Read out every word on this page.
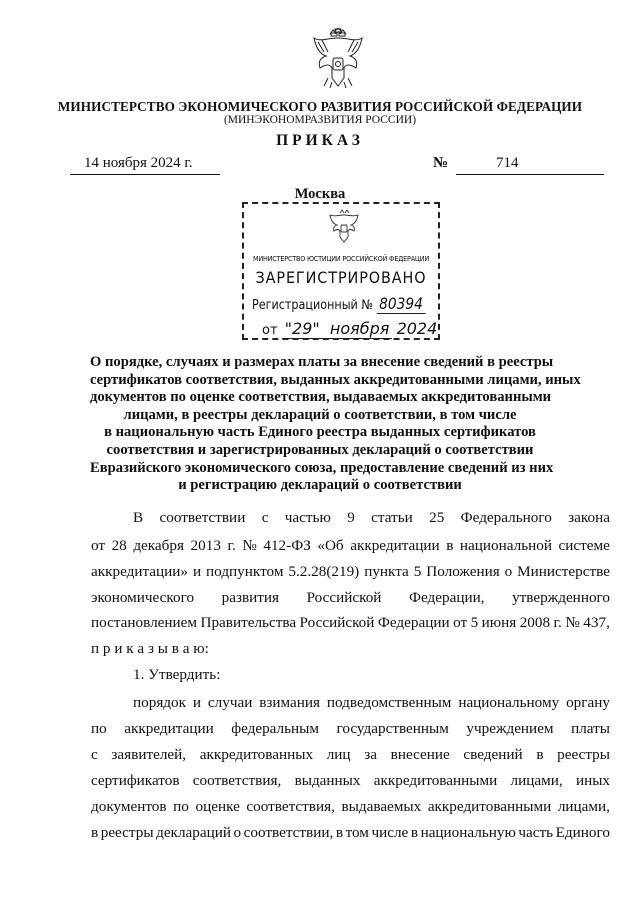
МИНИСТЕРСТВО ЭКОНОМИЧЕСКОГО РАЗВИТИЯ РОССИЙСКОЙ ФЕДЕРАЦИИ
(МИНЭКОНОМРАЗВИТИЯ РОССИИ)
ПРИКАЗ
14 ноября 2024 г.	№	714
Москва
МИНИСТЕРСТВО ЮСТИЦИИ РОССИЙСКОЙ ФЕДЕРАЦИИ
ЗАРЕГИСТРИРОВАНО
Регистрационный № 80394
от "29" ноября 2024
О порядке, случаях и размерах платы за внесение сведений в реестры
сертификатов соответствия, выданных аккредитованными лицами, иных
документов по оценке соответствия, выдаваемых аккредитованными
лицами, в реестры деклараций о соответствии, в том числе
в национальную часть Единого реестра выданных сертификатов
соответствия и зарегистрированных деклараций о соответствии
Евразийского экономического союза, предоставление сведений из них
и регистрацию деклараций о соответствии
В соответствии с частью 9 статьи 25 Федерального закона
от 28 декабря 2013 г. № 412-ФЗ «Об аккредитации в национальной системе
аккредитации» и подпунктом 5.2.28(219) пункта 5 Положения о Министерстве
экономического развития Российской Федерации, утвержденного
постановлением Правительства Российской Федерации от 5 июня 2008 г. № 437,
п р и к а з ы в а ю:
1. Утвердить:
порядок и случаи взимания подведомственным национальному органу
по аккредитации федеральным государственным учреждением платы
с заявителей, аккредитованных лиц за внесение сведений в реестры
сертификатов соответствия, выданных аккредитованными лицами, иных
документов по оценке соответствия, выдаваемых аккредитованными лицами,
в реестры деклараций о соответствии, в том числе в национальную часть Единого
